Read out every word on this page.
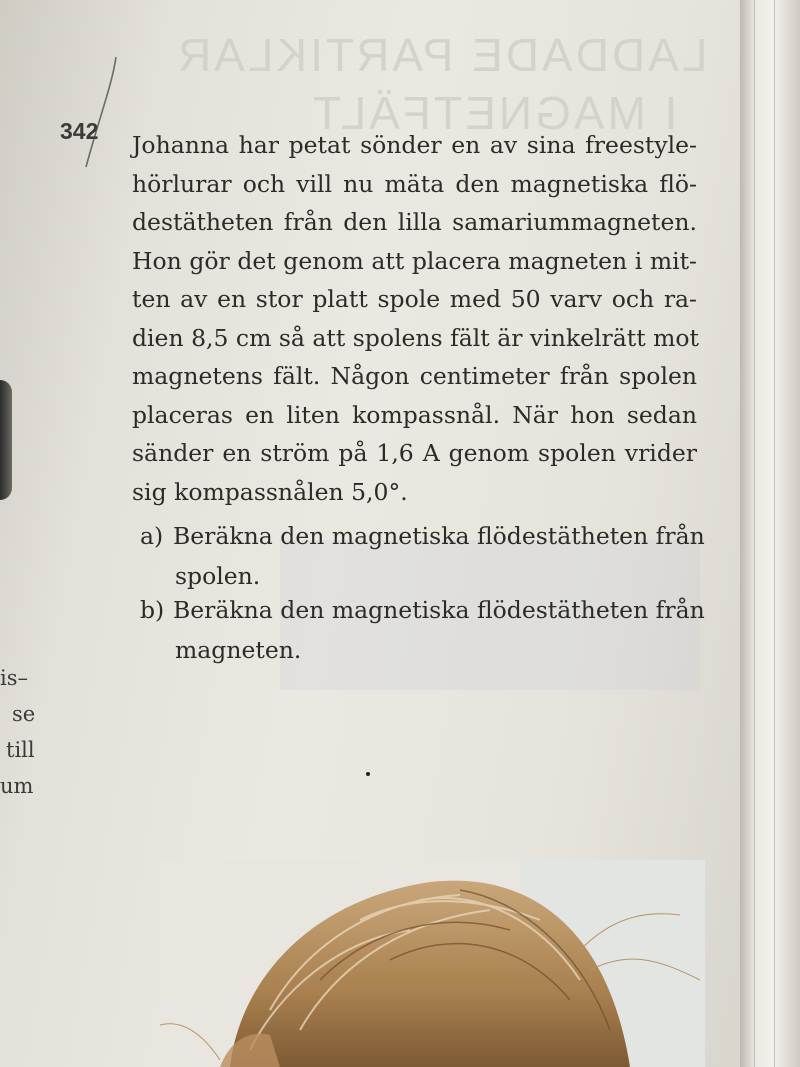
LADDADE PARTIKLAR
I MAGNETFÄLT
is–
se
till
um
342 Johanna har petat sönder en av sina freestyle-
hörlurar och vill nu mäta den magnetiska flö-
destätheten från den lilla samariummagneten.
Hon gör det genom att placera magneten i mit-
ten av en stor platt spole med 50 varv och ra-
dien 8,5 cm så att spolens fält är vinkelrätt mot
magnetens fält. Någon centimeter från spolen
placeras en liten kompassnål. När hon sedan
sänder en ström på 1,6 A genom spolen vrider
sig kompassnålen 5,0°.
a) Beräkna den magnetiska flödestätheten från
spolen.
b) Beräkna den magnetiska flödestätheten från
magneten.
